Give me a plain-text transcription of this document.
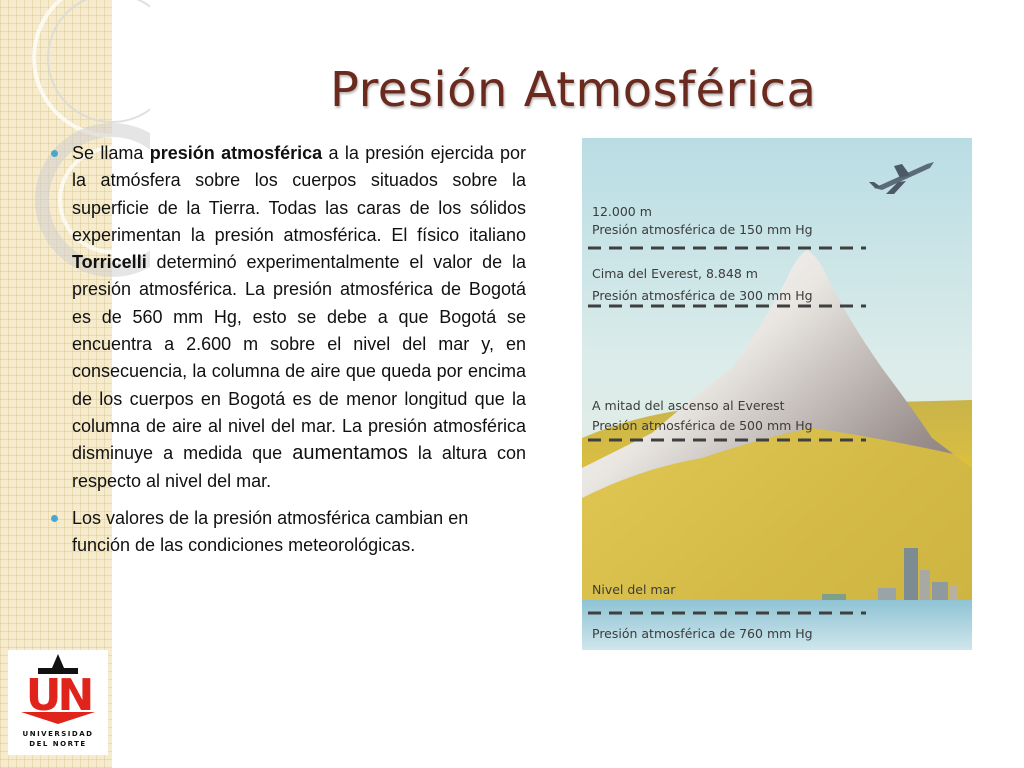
Presión Atmosférica
Se llama presión atmosférica a la presión ejercida por la atmósfera sobre los cuerpos situados sobre la superficie de la Tierra. Todas las caras de los sólidos experimentan la presión atmosférica. El físico italiano Torricelli determinó experimentalmente el valor de la presión atmosférica. La presión atmosférica de Bogotá es de 560 mm Hg, esto se debe a que Bogotá se encuentra a 2.600 m sobre el nivel del mar y, en consecuencia, la columna de aire que queda por encima de los cuerpos en Bogotá es de menor longitud que la columna de aire al nivel del mar. La presión atmosférica disminuye a medida que aumentamos la altura con respecto al nivel del mar.
Los valores de la presión atmosférica cambian en función de las condiciones meteorológicas.
12.000 m
Presión atmosférica de 150 mm Hg
Cima del Everest, 8.848 m
Presión atmosférica de 300 mm Hg
A mitad del ascenso al Everest
Presión atmosférica de 500 mm Hg
Nivel del mar
Presión atmosférica de 760 mm Hg
UN
UNIVERSIDAD
DEL NORTE
